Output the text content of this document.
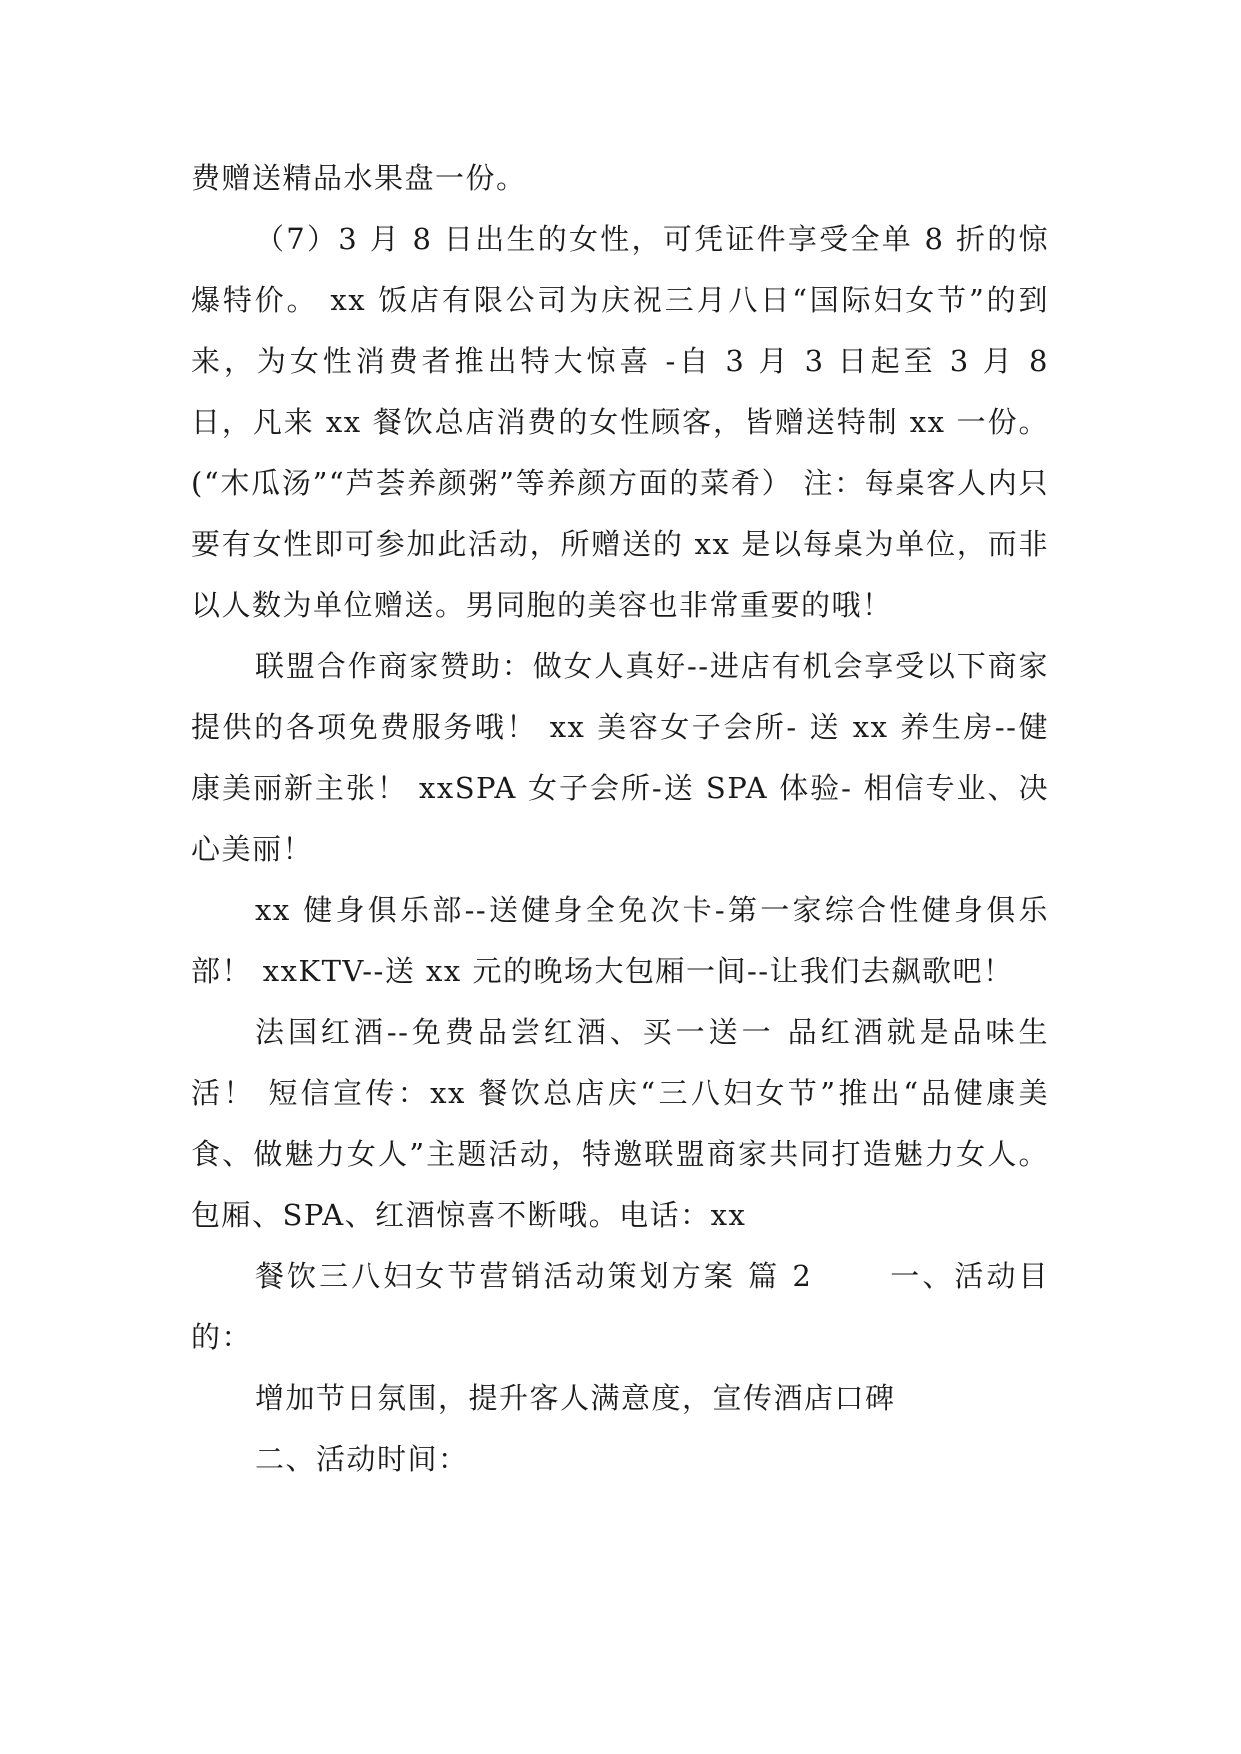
费赠送精品水果盘一份。

（7）3 月 8 日出生的女性，可凭证件享受全单 8 折的惊爆特价。 xx 饭店有限公司为庆祝三月八日“国际妇女节”的到来，为女性消费者推出特大惊喜 -自 3 月 3 日起至 3 月 8 日，凡来 xx 餐饮总店消费的女性顾客，皆赠送特制 xx 一份。(“木瓜汤”“芦荟养颜粥”等养颜方面的菜肴） 注：每桌客人内只要有女性即可参加此活动，所赠送的 xx 是以每桌为单位，而非以人数为单位赠送。男同胞的美容也非常重要的哦！

联盟合作商家赞助：做女人真好--进店有机会享受以下商家提供的各项免费服务哦！ xx 美容女子会所- 送 xx 养生房--健康美丽新主张！ xxSPA 女子会所-送 SPA 体验- 相信专业、决心美丽！

xx 健身俱乐部--送健身全免次卡-第一家综合性健身俱乐部！ xxKTV--送 xx 元的晚场大包厢一间--让我们去飙歌吧！

法国红酒--免费品尝红酒、买一送一 品红酒就是品味生活！ 短信宣传：xx 餐饮总店庆“三八妇女节”推出“品健康美食、做魅力女人”主题活动，特邀联盟商家共同打造魅力女人。包厢、SPA、红酒惊喜不断哦。电话：xx

餐饮三八妇女节营销活动策划方案 篇 2　　 一、活动目的：

增加节日氛围，提升客人满意度，宣传酒店口碑

二、活动时间：
